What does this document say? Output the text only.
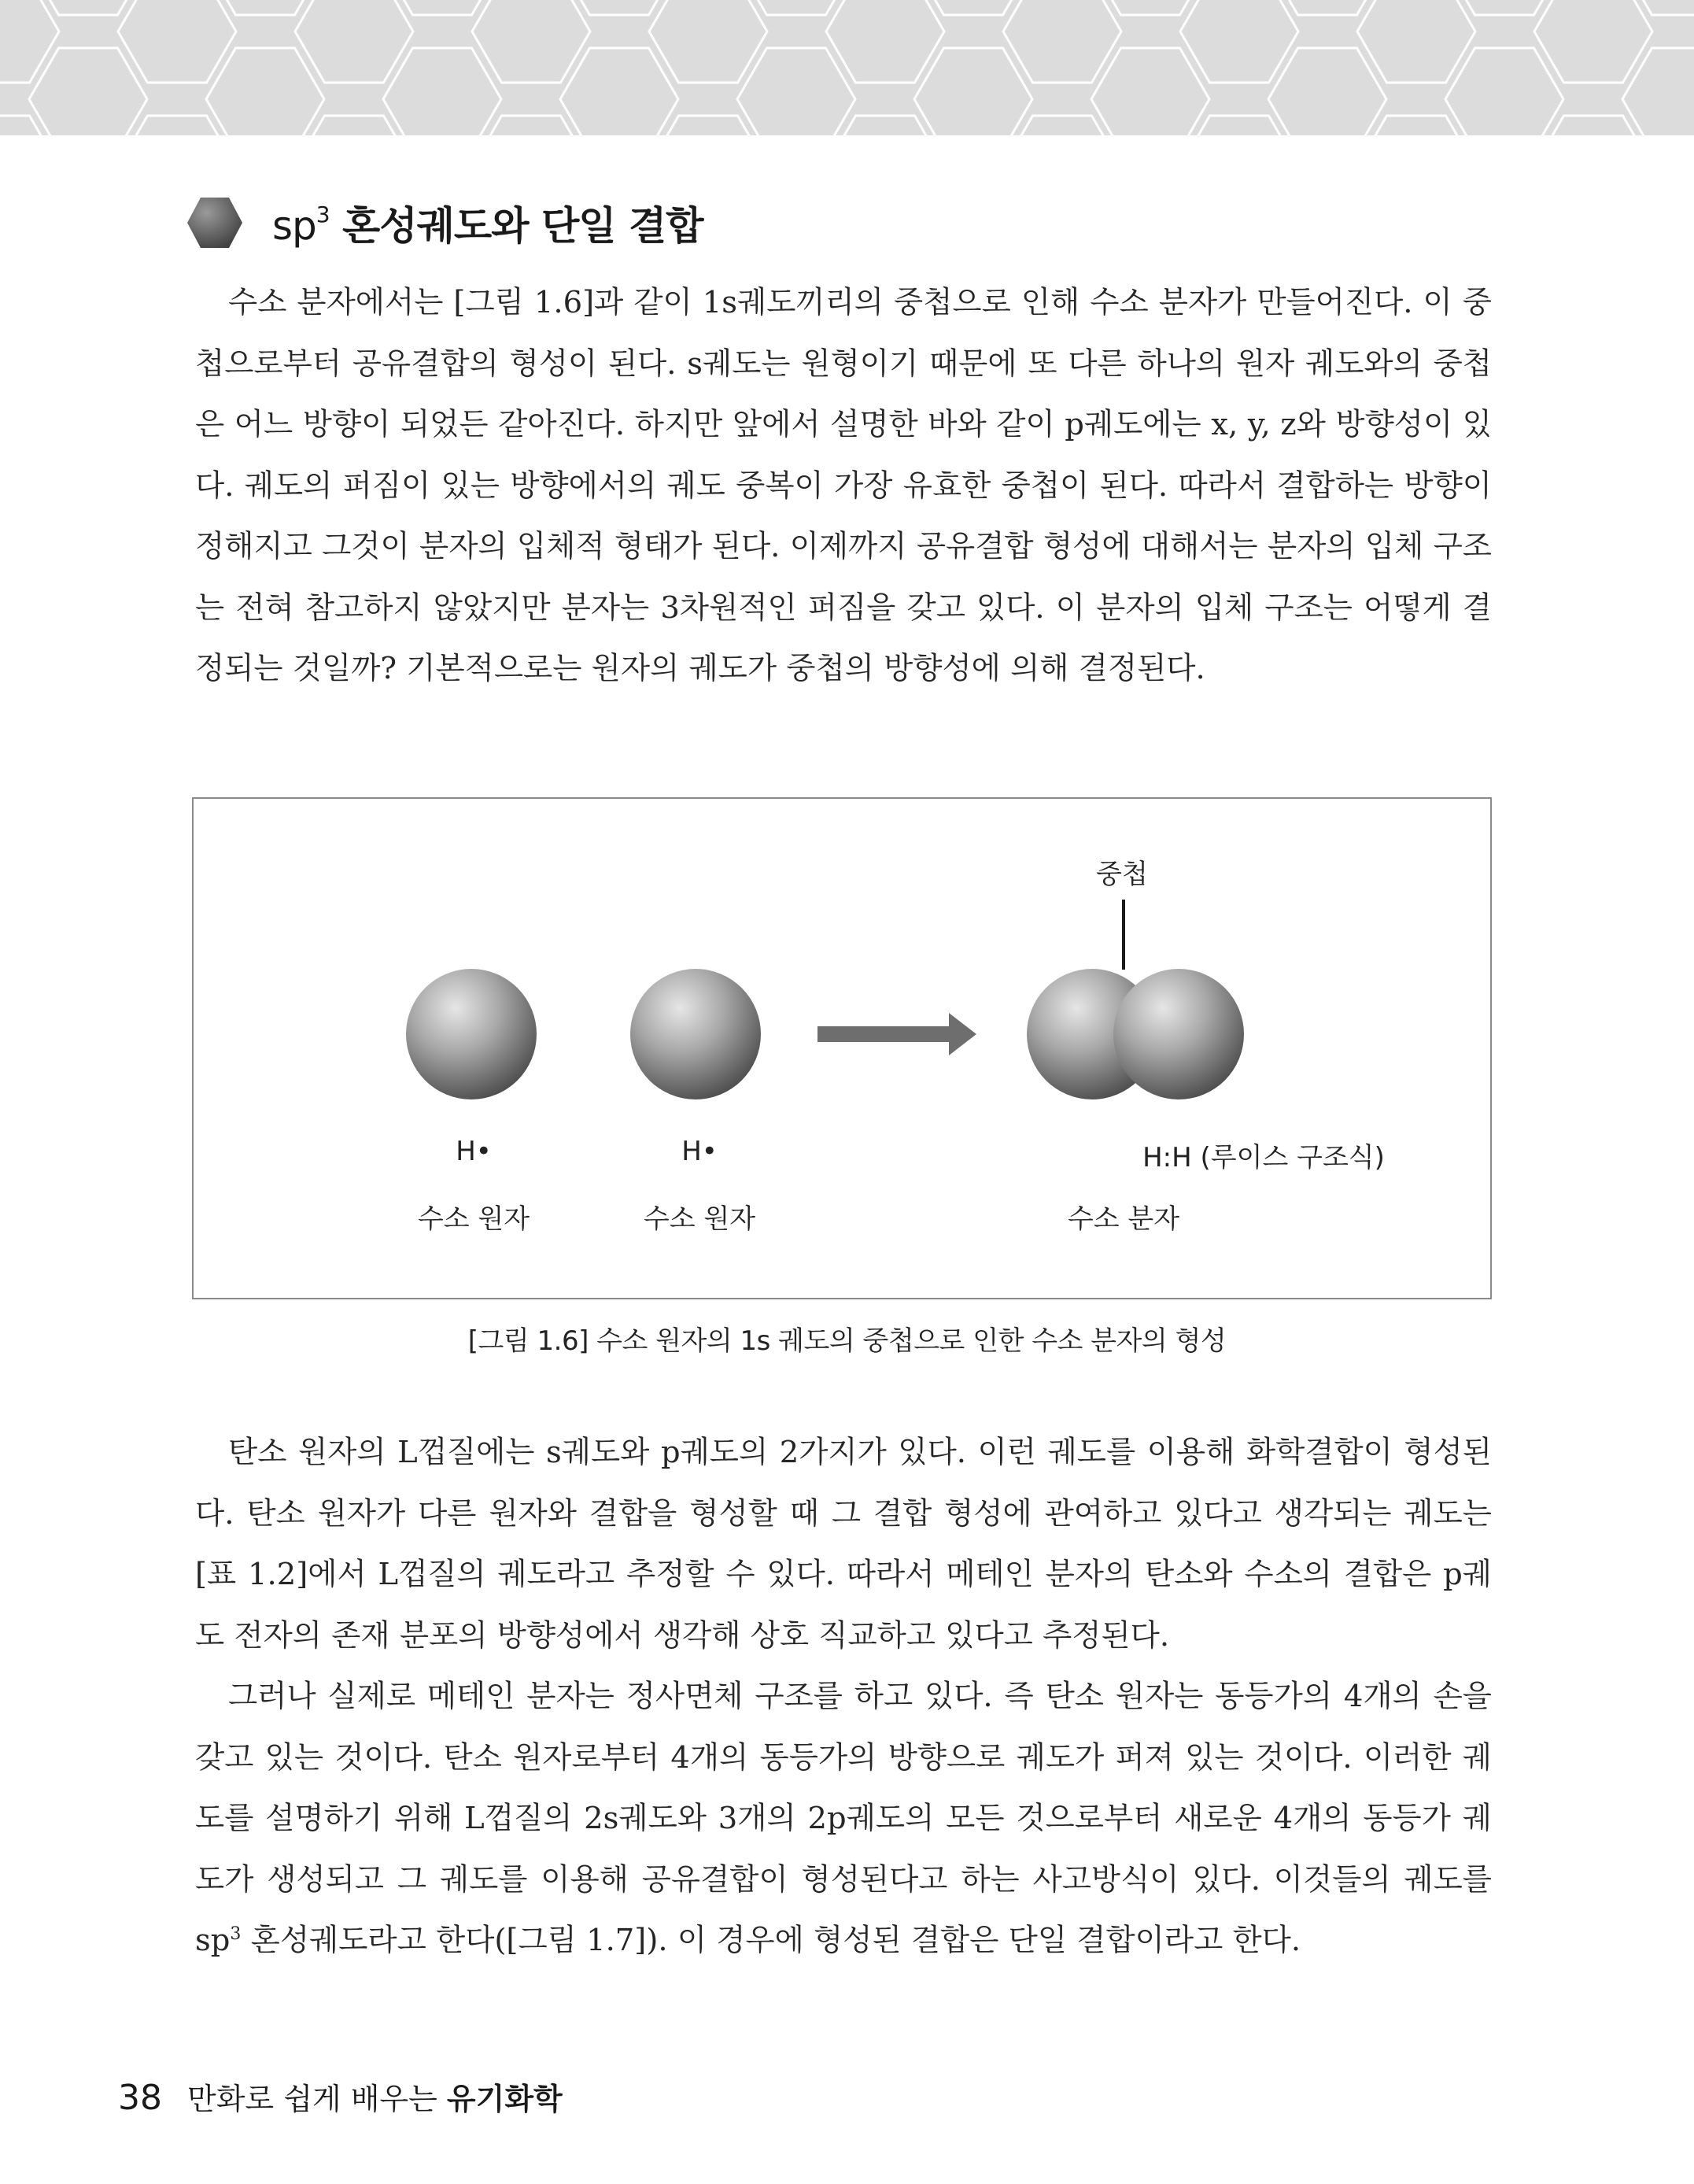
$sp^3$ 혼성궤도와 단일 결합

수소 분자에서는 [그림 1.6]과 같이 1s궤도끼리의 중첩으로 인해 수소 분자가 만들어진다. 이 중첩으로부터 공유결합의 형성이 된다. s궤도는 원형이기 때문에 또 다른 하나의 원자 궤도와의 중첩은 어느 방향이 되었든 같아진다. 하지만 앞에서 설명한 바와 같이 p궤도에는 x, y, z와 방향성이 있다. 궤도의 퍼짐이 있는 방향에서의 궤도 중복이 가장 유효한 중첩이 된다. 따라서 결합하는 방향이 정해지고 그것이 분자의 입체적 형태가 된다. 이제까지 공유결합 형성에 대해서는 분자의 입체 구조는 전혀 참고하지 않았지만 분자는 3차원적인 퍼짐을 갖고 있다. 이 분자의 입체 구조는 어떻게 결정되는 것일까? 기본적으로는 원자의 궤도가 중첩의 방향성에 의해 결정된다.

중첩
H•	H•	H:H (루이스 구조식)
수소 원자	수소 원자	수소 분자
[그림 1.6] 수소 원자의 1s 궤도의 중첩으로 인한 수소 분자의 형성

탄소 원자의 L껍질에는 s궤도와 p궤도의 2가지가 있다. 이런 궤도를 이용해 화학결합이 형성된다. 탄소 원자가 다른 원자와 결합을 형성할 때 그 결합 형성에 관여하고 있다고 생각되는 궤도는 [표 1.2]에서 L껍질의 궤도라고 추정할 수 있다. 따라서 메테인 분자의 탄소와 수소의 결합은 p궤도 전자의 존재 분포의 방향성에서 생각해 상호 직교하고 있다고 추정된다.

그러나 실제로 메테인 분자는 정사면체 구조를 하고 있다. 즉 탄소 원자는 동등가의 4개의 손을 갖고 있는 것이다. 탄소 원자로부터 4개의 동등가의 방향으로 궤도가 퍼져 있는 것이다. 이러한 궤도를 설명하기 위해 L껍질의 2s궤도와 3개의 2p궤도의 모든 것으로부터 새로운 4개의 동등가 궤도가 생성되고 그 궤도를 이용해 공유결합이 형성된다고 하는 사고방식이 있다. 이것들의 궤도를 $sp^3$ 혼성궤도라고 한다([그림 1.7]). 이 경우에 형성된 결합은 단일 결합이라고 한다.

38 만화로 쉽게 배우는 유기화학
